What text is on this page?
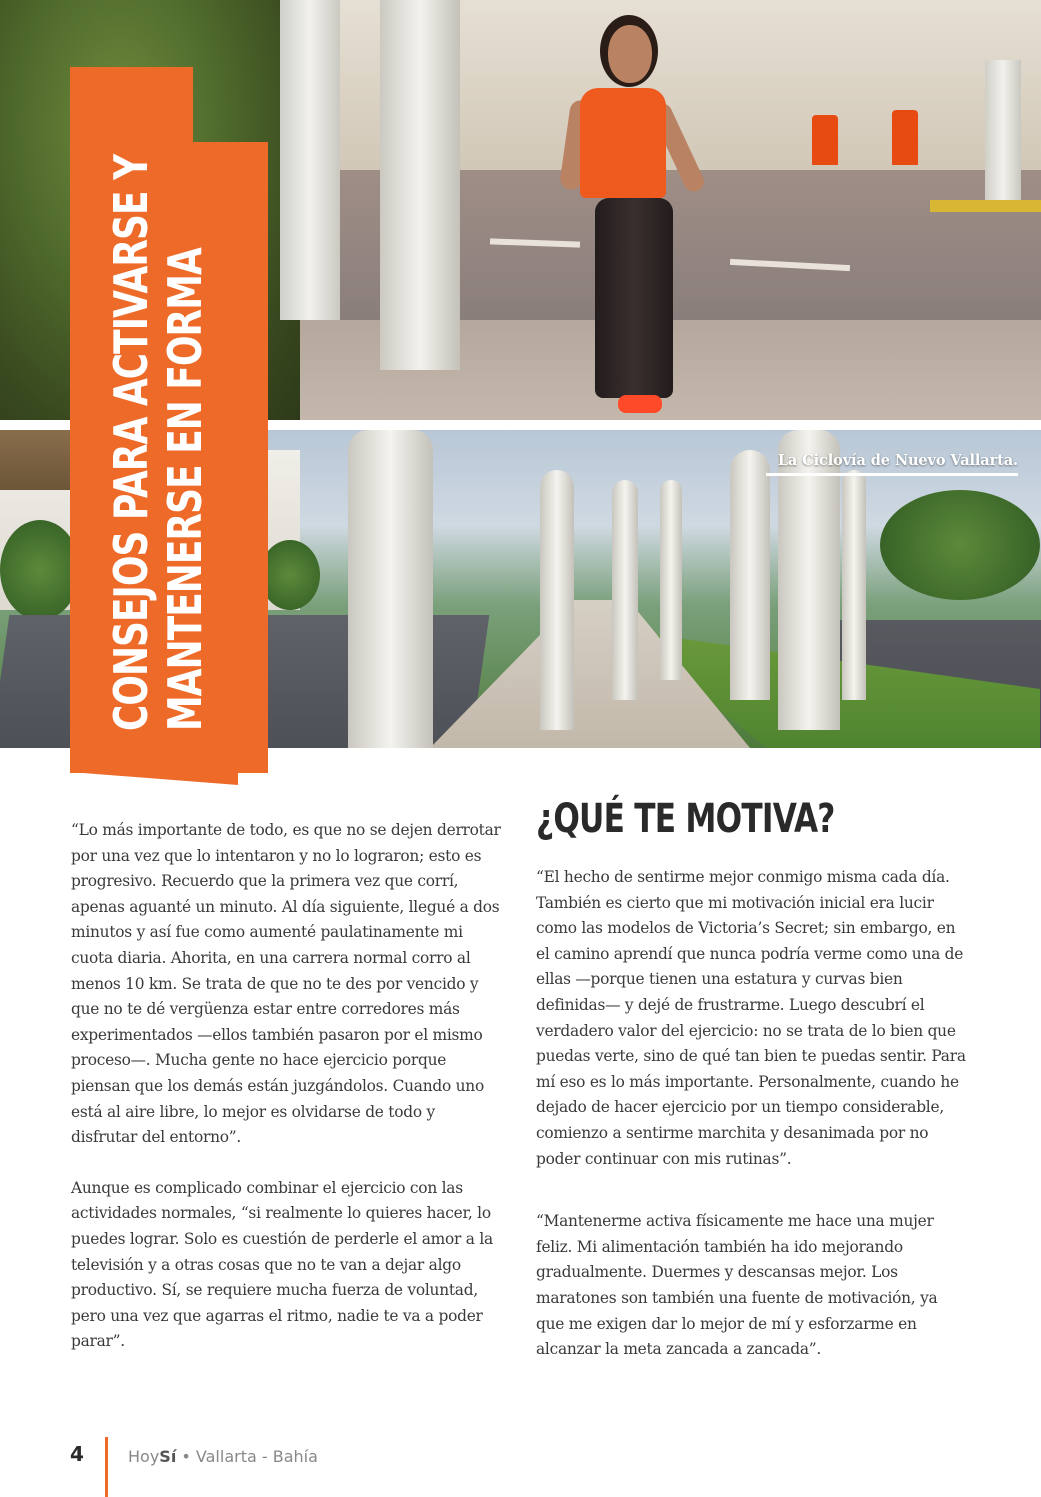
La Ciclovía de Nuevo Vallarta.
CONSEJOS PARA ACTIVARSE Y MANTENERSE EN FORMA

“Lo más importante de todo, es que no se dejen derrotar por una vez que lo intentaron y no lo lograron; esto es progresivo. Recuerdo que la primera vez que corrí, apenas aguanté un minuto. Al día siguiente, llegué a dos minutos y así fue como aumenté paulatinamente mi cuota diaria. Ahorita, en una carrera normal corro al menos 10 km. Se trata de que no te des por vencido y que no te dé vergüenza estar entre corredores más experimentados —ellos también pasaron por el mismo proceso—. Mucha gente no hace ejercicio porque piensan que los demás están juzgándolos. Cuando uno está al aire libre, lo mejor es olvidarse de todo y disfrutar del entorno”.

Aunque es complicado combinar el ejercicio con las actividades normales, “si realmente lo quieres hacer, lo puedes lograr. Solo es cuestión de perderle el amor a la televisión y a otras cosas que no te van a dejar algo productivo. Sí, se requiere mucha fuerza de voluntad, pero una vez que agarras el ritmo, nadie te va a poder parar”.

¿QUÉ TE MOTIVA?

“El hecho de sentirme mejor conmigo misma cada día. También es cierto que mi motivación inicial era lucir como las modelos de Victoria’s Secret; sin embargo, en el camino aprendí que nunca podría verme como una de ellas —porque tienen una estatura y curvas bien definidas— y dejé de frustrarme. Luego descubrí el verdadero valor del ejercicio: no se trata de lo bien que puedas verte, sino de qué tan bien te puedas sentir. Para mí eso es lo más importante. Personalmente, cuando he dejado de hacer ejercicio por un tiempo considerable, comienzo a sentirme marchita y desanimada por no poder continuar con mis rutinas”.

“Mantenerme activa físicamente me hace una mujer feliz. Mi alimentación también ha ido mejorando gradualmente. Duermes y descansas mejor. Los maratones son también una fuente de motivación, ya que me exigen dar lo mejor de mí y esforzarme en alcanzar la meta zancada a zancada”.

4	HoySí • Vallarta - Bahía
